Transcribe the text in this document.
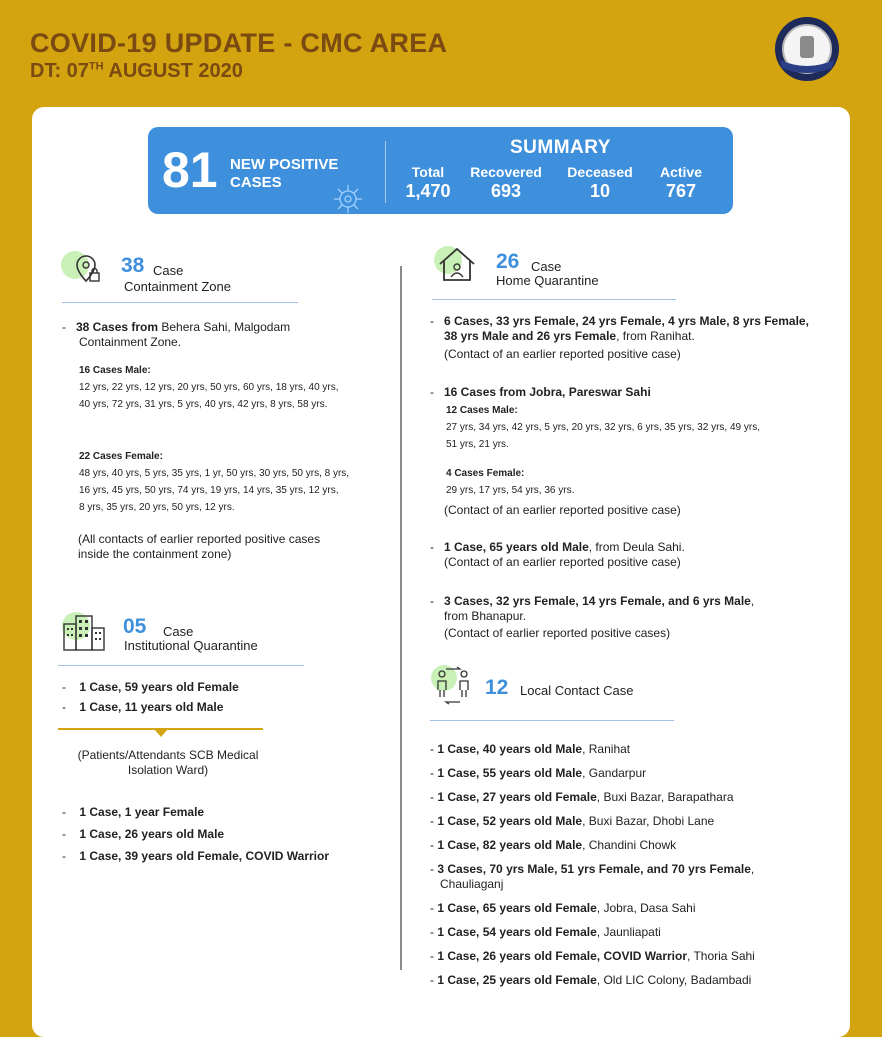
COVID-19 UPDATE - CMC AREA
DT: 07TH AUGUST 2020
81 NEW POSITIVE CASES
SUMMARY
Total
1,470
Recovered
693
Deceased
10
Active
767
38 Case
Containment Zone
-   38 Cases from Behera Sahi, Malgodam
Containment Zone.
16 Cases Male:
12 yrs, 22 yrs, 12 yrs, 20 yrs, 50 yrs, 60 yrs, 18 yrs, 40 yrs,
40 yrs, 72 yrs, 31 yrs, 5 yrs, 40 yrs, 42 yrs, 8 yrs, 58 yrs.
22 Cases Female:
48 yrs, 40 yrs, 5 yrs, 35 yrs, 1 yr, 50 yrs, 30 yrs, 50 yrs, 8 yrs,
16 yrs, 45 yrs, 50 yrs, 74 yrs, 19 yrs, 14 yrs, 35 yrs, 12 yrs,
8 yrs, 35 yrs, 20 yrs, 50 yrs, 12 yrs.
(All contacts of earlier reported positive cases
inside the containment zone)
05 Case
Institutional Quarantine
-    1 Case, 59 years old Female
-    1 Case, 11 years old Male
(Patients/Attendants SCB Medical
Isolation Ward)
-    1 Case, 1 year Female
-    1 Case, 26 years old Male
-    1 Case, 39 years old Female, COVID Warrior
26 Case
Home Quarantine
-   6 Cases, 33 yrs Female, 24 yrs Female, 4 yrs Male, 8 yrs Female,
38 yrs Male and 26 yrs Female, from Ranihat.
(Contact of an earlier reported positive case)
-   16 Cases from Jobra, Pareswar Sahi
12 Cases Male:
27 yrs, 34 yrs, 42 yrs, 5 yrs, 20 yrs, 32 yrs, 6 yrs, 35 yrs, 32 yrs, 49 yrs,
51 yrs, 21 yrs.
4 Cases Female:
29 yrs, 17 yrs, 54 yrs, 36 yrs.
(Contact of an earlier reported positive case)
-   1 Case, 65 years old Male, from Deula Sahi.
(Contact of an earlier reported positive case)
-   3 Cases, 32 yrs Female, 14 yrs Female, and 6 yrs Male,
from Bhanapur.
(Contact of earlier reported positive cases)
12 Local Contact Case
- 1 Case, 40 years old Male, Ranihat
- 1 Case, 55 years old Male, Gandarpur
- 1 Case, 27 years old Female, Buxi Bazar, Barapathara
- 1 Case, 52 years old Male, Buxi Bazar, Dhobi Lane
- 1 Case, 82 years old Male, Chandini Chowk
- 3 Cases, 70 yrs Male, 51 yrs Female, and 70 yrs Female,
Chauliaganj
- 1 Case, 65 years old Female, Jobra, Dasa Sahi
- 1 Case, 54 years old Female, Jaunliapati
- 1 Case, 26 years old Female, COVID Warrior, Thoria Sahi
- 1 Case, 25 years old Female, Old LIC Colony, Badambadi
